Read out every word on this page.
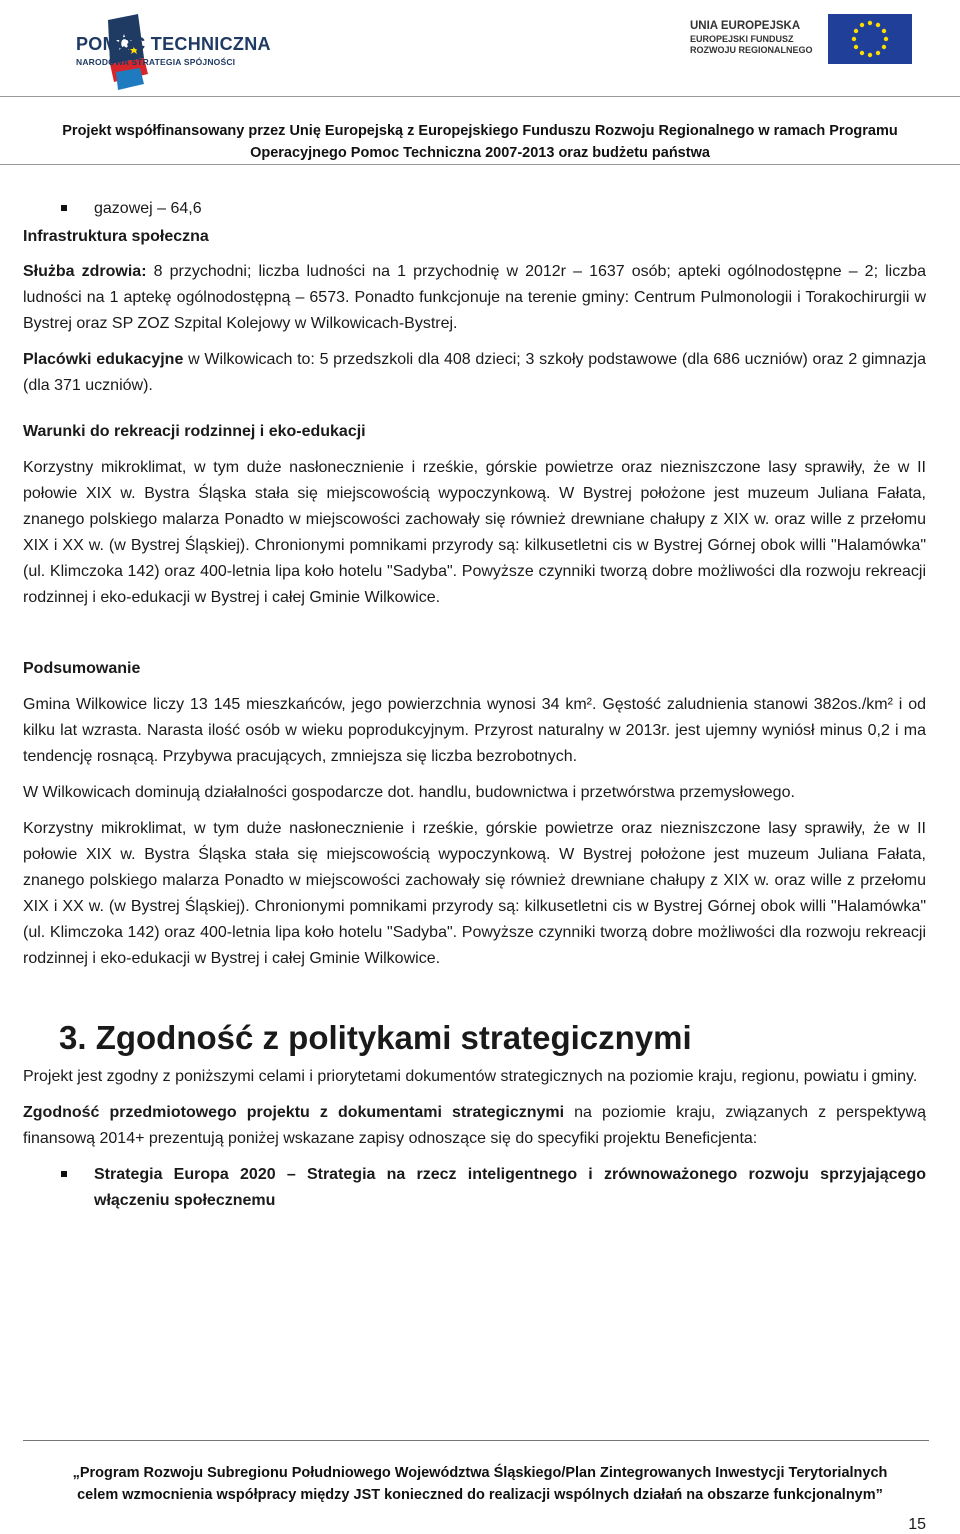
POMOC TECHNICZNA
NARODOWA STRATEGIA SPÓJNOŚCI
UNIA EUROPEJSKA
EUROPEJSKI FUNDUSZ
ROZWOJU REGIONALNEGO
Projekt współfinansowany przez Unię Europejską z Europejskiego Funduszu Rozwoju Regionalnego w ramach Programu
Operacyjnego Pomoc Techniczna 2007-2013 oraz budżetu państwa

gazowej – 64,6

Infrastruktura społeczna

Służba zdrowia: 8 przychodni; liczba ludności na 1 przychodnię w 2012r – 1637 osób; apteki ogólnodostępne – 2; liczba ludności na 1 aptekę ogólnodostępną – 6573. Ponadto funkcjonuje na terenie gminy: Centrum Pulmonologii i Torakochirurgii w Bystrej oraz SP ZOZ Szpital Kolejowy w Wilkowicach-Bystrej.

Placówki edukacyjne w Wilkowicach to: 5 przedszkoli dla 408 dzieci; 3 szkoły podstawowe (dla 686 uczniów) oraz 2 gimnazja (dla 371 uczniów).

Warunki do rekreacji rodzinnej i eko-edukacji

Korzystny mikroklimat, w tym duże nasłonecznienie i rześkie, górskie powietrze oraz niezniszczone lasy sprawiły, że w II połowie XIX w. Bystra Śląska stała się miejscowością wypoczynkową. W Bystrej położone jest muzeum Juliana Fałata, znanego polskiego malarza Ponadto w miejscowości zachowały się również drewniane chałupy z XIX w. oraz wille z przełomu XIX i XX w. (w Bystrej Śląskiej). Chronionymi pomnikami przyrody są: kilkusetletni cis w Bystrej Górnej obok willi "Halamówka" (ul. Klimczoka 142) oraz 400-letnia lipa koło hotelu "Sadyba". Powyższe czynniki tworzą dobre możliwości dla rozwoju rekreacji rodzinnej i eko-edukacji w Bystrej i całej Gminie Wilkowice.

Podsumowanie

Gmina Wilkowice liczy 13 145 mieszkańców, jego powierzchnia wynosi 34 km². Gęstość zaludnienia stanowi 382os./km² i od kilku lat wzrasta. Narasta ilość osób w wieku poprodukcyjnym. Przyrost naturalny w 2013r. jest ujemny wyniósł minus 0,2 i ma tendencję rosnącą. Przybywa pracujących, zmniejsza się liczba bezrobotnych.

W Wilkowicach dominują działalności gospodarcze dot. handlu, budownictwa i przetwórstwa przemysłowego.

Korzystny mikroklimat, w tym duże nasłonecznienie i rześkie, górskie powietrze oraz niezniszczone lasy sprawiły, że w II połowie XIX w. Bystra Śląska stała się miejscowością wypoczynkową. W Bystrej położone jest muzeum Juliana Fałata, znanego polskiego malarza Ponadto w miejscowości zachowały się również drewniane chałupy z XIX w. oraz wille z przełomu XIX i XX w. (w Bystrej Śląskiej). Chronionymi pomnikami przyrody są: kilkusetletni cis w Bystrej Górnej obok willi "Halamówka" (ul. Klimczoka 142) oraz 400-letnia lipa koło hotelu "Sadyba". Powyższe czynniki tworzą dobre możliwości dla rozwoju rekreacji rodzinnej i eko-edukacji w Bystrej i całej Gminie Wilkowice.

3. Zgodność z politykami strategicznymi

Projekt jest zgodny z poniższymi celami i priorytetami dokumentów strategicznych na poziomie kraju, regionu, powiatu i gminy.

Zgodność przedmiotowego projektu z dokumentami strategicznymi na poziomie kraju, związanych z perspektywą finansową 2014+ prezentują poniżej wskazane zapisy odnoszące się do specyfiki projektu Beneficjenta:

Strategia Europa 2020 – Strategia na rzecz inteligentnego i zrównoważonego rozwoju sprzyjającego włączeniu społecznemu

„Program Rozwoju Subregionu Południowego Województwa Śląskiego/Plan Zintegrowanych Inwestycji Terytorialnych
celem wzmocnienia współpracy między JST konieczned do realizacji wspólnych działań na obszarze funkcjonalnym”
15
